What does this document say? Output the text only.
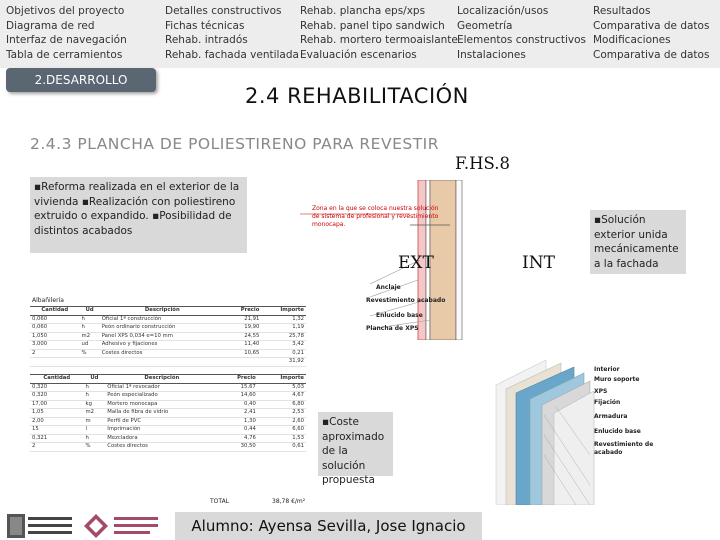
Objetivos del proyecto
Diagrama de red
Interfaz de navegación
Tabla de cerramientos
Detalles constructivos
Fichas técnicas
Rehab. intradós
Rehab. fachada ventilada
Rehab. plancha eps/xps
Rehab. panel tipo sandwich
Rehab. mortero termoaislante
Evaluación escenarios
Localización/usos
Geometría
Elementos constructivos
Instalaciones
Resultados
Comparativa de datos
Modificaciones
Comparativa de datos
2.DESARROLLO
2.4 REHABILITACIÓN
2.4.3 PLANCHA DE POLIESTIRENO PARA REVESTIR
▪Reforma realizada en el exterior de la vivienda ▪Realización con poliestireno extruido o expandido. ▪Posibilidad de distintos acabados
F.HS.8
Zona en la que se coloca nuestra solución de sistema de profesional y revestimiento monocapa.
EXT	INT
Anclaje
Revestimiento acabado
Enlucido base
Plancha de XPS
▪Solución exterior unida mecánicamente a la fachada
Interior
Muro soporte
XPS
Fijación
Armadura
Enlucido base
Revestimiento de acabado
Albañilería
Cantidad	Ud	Descripción	Precio	Importe
0,060	h	Oficial 1ª construcción	21,91	1,32
0,060	h	Peón ordinario construcción	19,90	1,19
1,050	m2	Panel XPS 0,034 e=10 mm	24,55	25,78
3,000	ud	Adhesivo y fijaciones	11,40	3,42
2	%	Costes directos	10,65	0,21
				31,92
Cantidad	Ud	Descripción	Precio	Importe
0,320	h	Oficial 1ª revocador	15,67	5,03
0,320	h	Peón especializado	14,60	4,67
17,00	kg	Mortero monocapa	0,40	6,80
1,05	m2	Malla de fibra de vidrio	2,41	2,53
2,00	m	Perfil de PVC	1,30	2,60
15	l	Imprimación	0,44	6,60
0,321	h	Mezcladora	4,76	1,53
2	%	Costes directos	30,50	0,61
TOTAL	38,78 €/m²
▪Coste aproximado de la solución propuesta
Alumno: Ayensa Sevilla, Jose Ignacio
